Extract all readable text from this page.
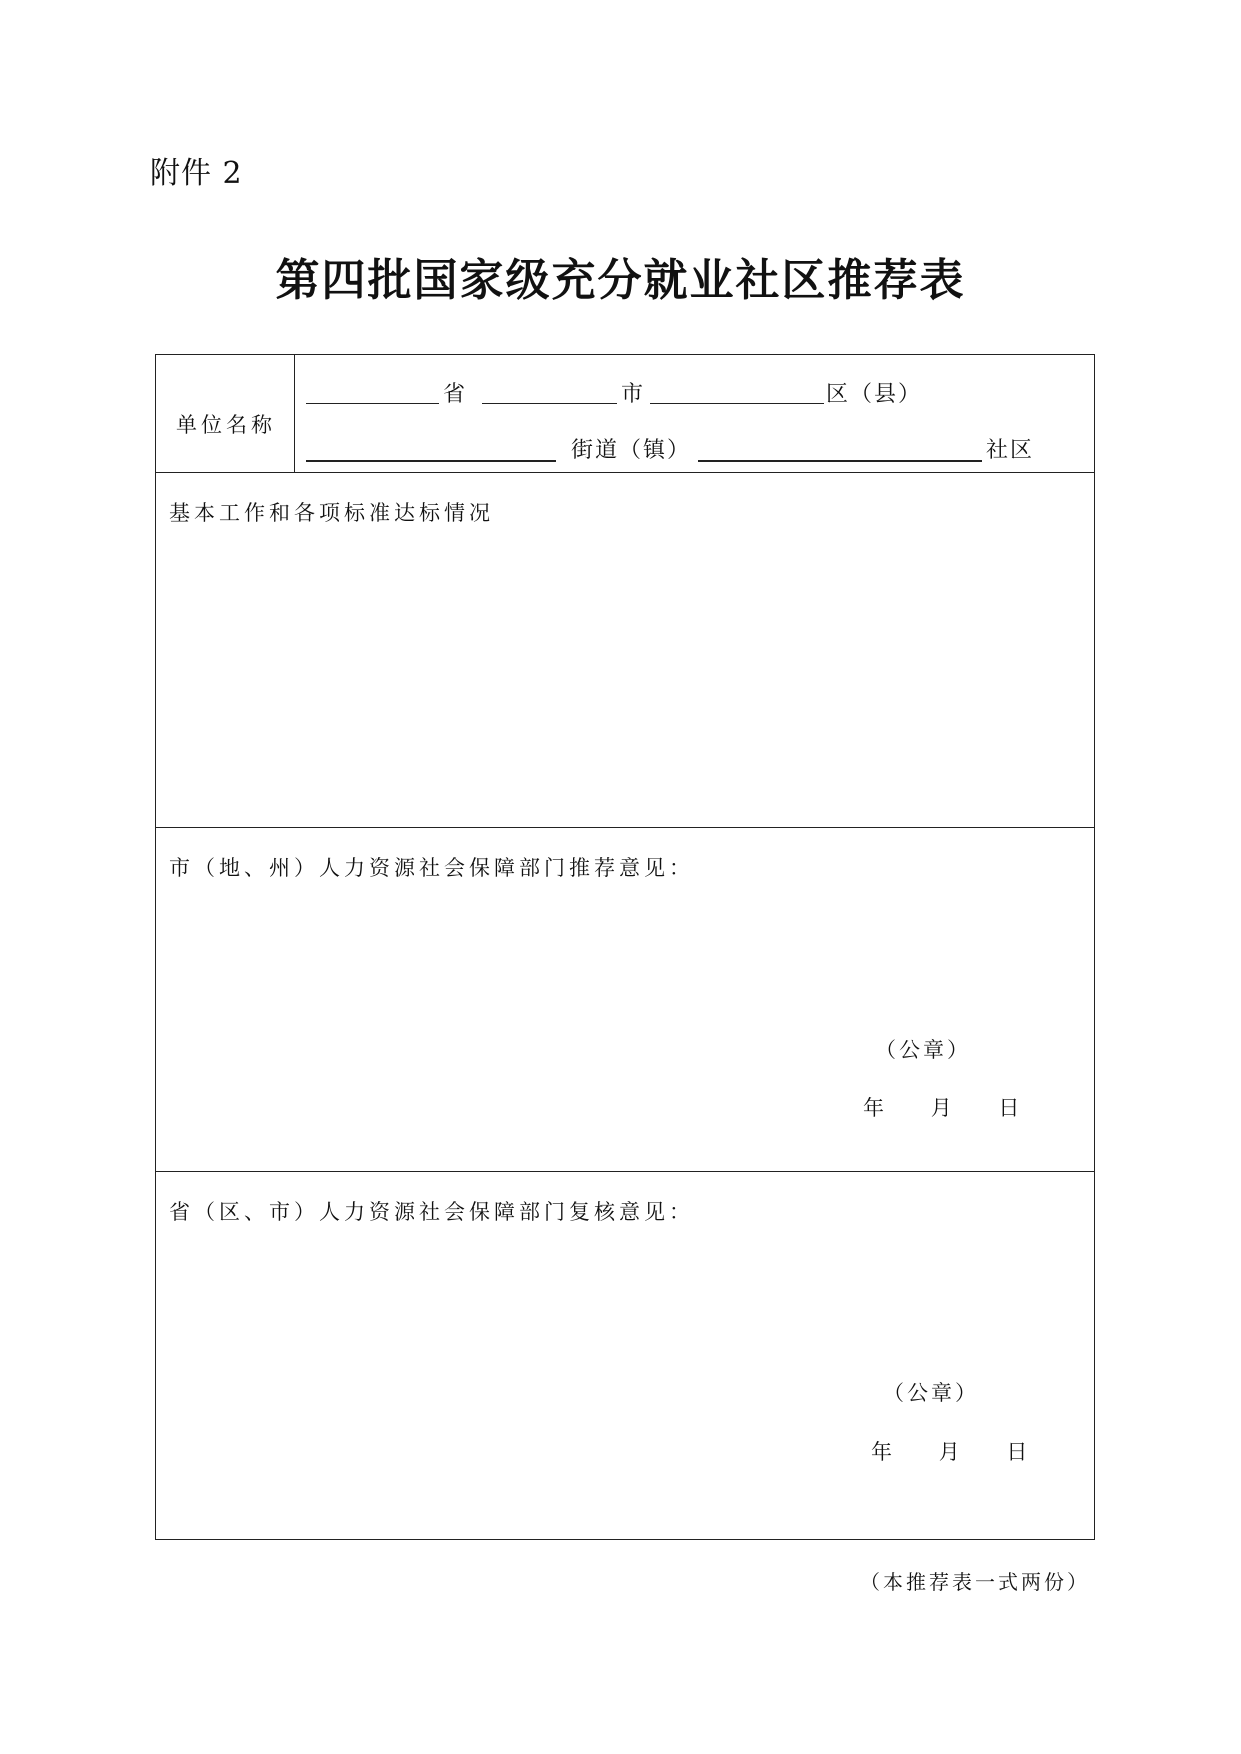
附件 2
第四批国家级充分就业社区推荐表
单位名称
省	市	区（县）
街道（镇）	社区
基本工作和各项标准达标情况
市（地、州）人力资源社会保障部门推荐意见：
（公章）
年 月 日
省（区、市）人力资源社会保障部门复核意见：
（公章）
年 月 日
（本推荐表一式两份）
